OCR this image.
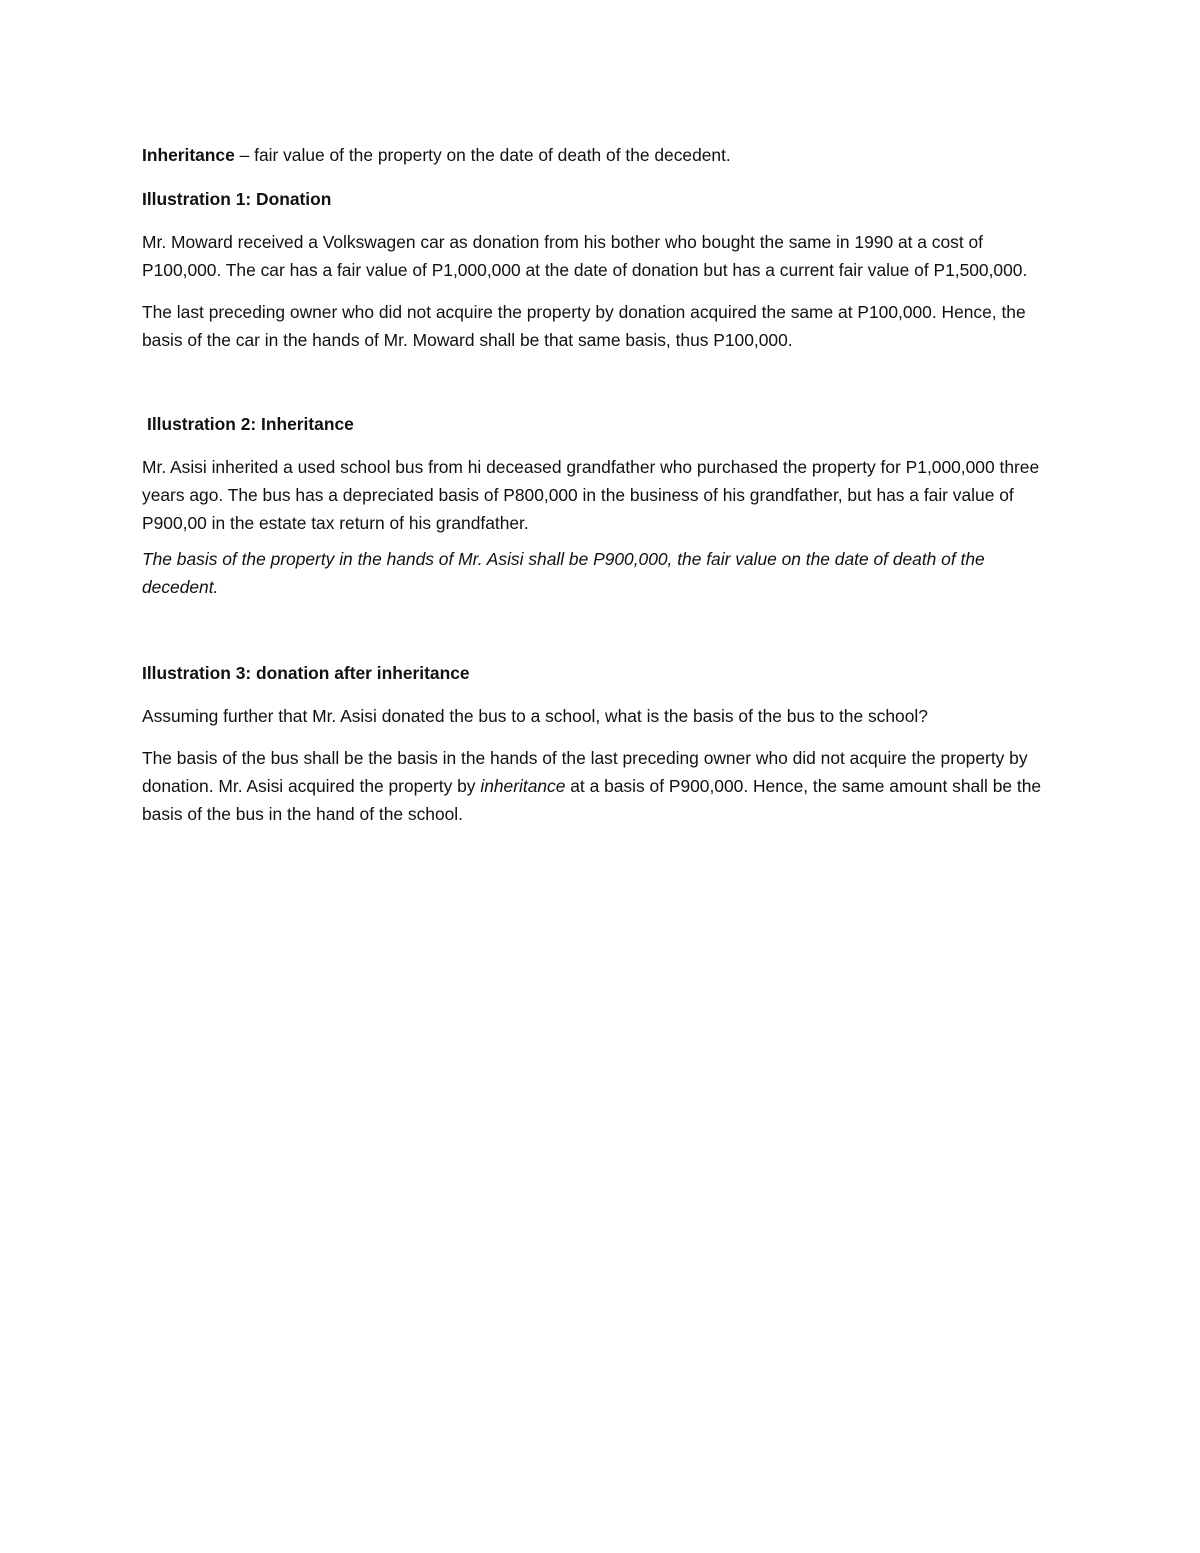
Inheritance – fair value of the property on the date of death of the decedent.

Illustration 1: Donation

Mr. Moward received a Volkswagen car as donation from his bother who bought the same in 1990 at a cost of P100,000. The car has a fair value of P1,000,000 at the date of donation but has a current fair value of P1,500,000.

The last preceding owner who did not acquire the property by donation acquired the same at P100,000. Hence, the basis of the car in the hands of Mr. Moward shall be that same basis, thus P100,000.

Illustration 2: Inheritance

Mr. Asisi inherited a used school bus from hi deceased grandfather who purchased the property for P1,000,000 three years ago. The bus has a depreciated basis of P800,000 in the business of his grandfather, but has a fair value of P900,00 in the estate tax return of his grandfather.

The basis of the property in the hands of Mr. Asisi shall be P900,000, the fair value on the date of death of the decedent.

Illustration 3: donation after inheritance

Assuming further that Mr. Asisi donated the bus to a school, what is the basis of the bus to the school?

The basis of the bus shall be the basis in the hands of the last preceding owner who did not acquire the property by donation. Mr. Asisi acquired the property by inheritance at a basis of P900,000. Hence, the same amount shall be the basis of the bus in the hand of the school.
